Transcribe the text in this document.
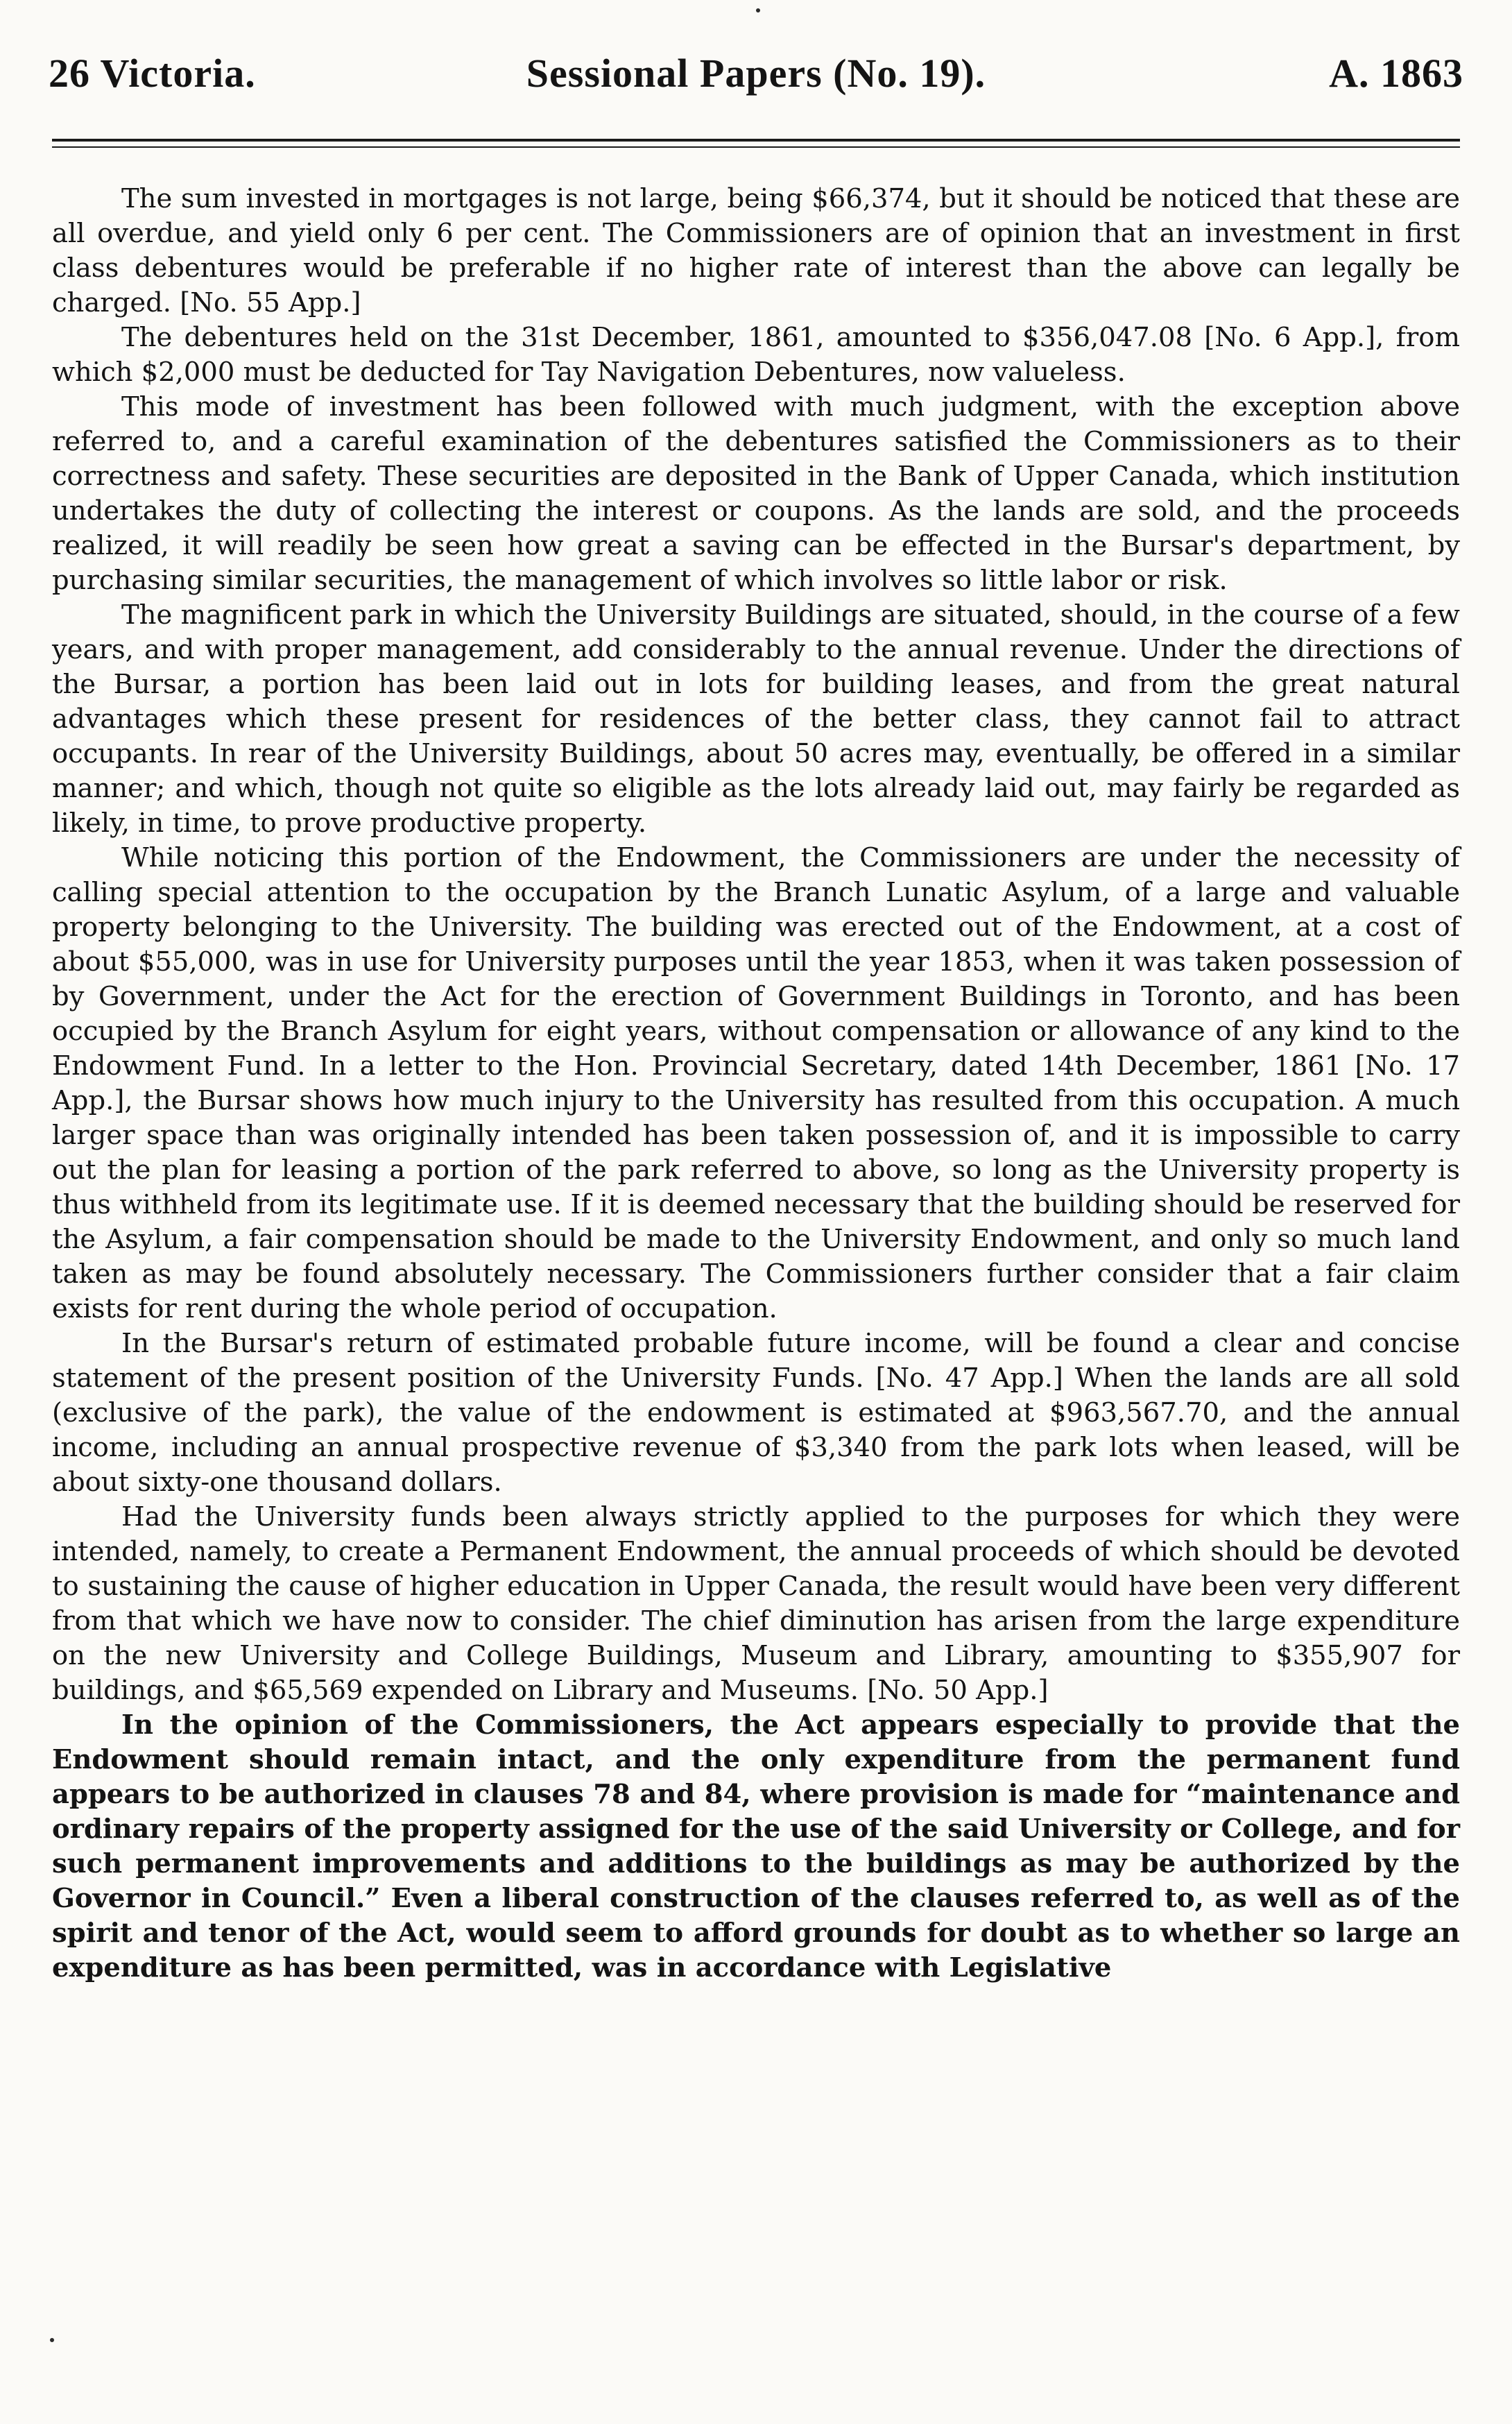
26 Victoria.	Sessional Papers (No. 19).	A. 1863

The sum invested in mortgages is not large, being $66,374, but it should be noticed that these are all overdue, and yield only 6 per cent. The Commissioners are of opinion that an investment in first class debentures would be preferable if no higher rate of interest than the above can legally be charged. [No. 55 App.]

The debentures held on the 31st December, 1861, amounted to $356,047.08 [No. 6 App.], from which $2,000 must be deducted for Tay Navigation Debentures, now valueless.

This mode of investment has been followed with much judgment, with the exception above referred to, and a careful examination of the debentures satisfied the Commissioners as to their correctness and safety. These securities are deposited in the Bank of Upper Canada, which institution undertakes the duty of collecting the interest or coupons. As the lands are sold, and the proceeds realized, it will readily be seen how great a saving can be effected in the Bursar's department, by purchasing similar securities, the management of which involves so little labor or risk.

The magnificent park in which the University Buildings are situated, should, in the course of a few years, and with proper management, add considerably to the annual revenue. Under the directions of the Bursar, a portion has been laid out in lots for building leases, and from the great natural advantages which these present for residences of the better class, they cannot fail to attract occupants. In rear of the University Buildings, about 50 acres may, eventually, be offered in a similar manner; and which, though not quite so eligible as the lots already laid out, may fairly be regarded as likely, in time, to prove productive property.

While noticing this portion of the Endowment, the Commissioners are under the necessity of calling special attention to the occupation by the Branch Lunatic Asylum, of a large and valuable property belonging to the University. The building was erected out of the Endowment, at a cost of about $55,000, was in use for University purposes until the year 1853, when it was taken possession of by Government, under the Act for the erection of Government Buildings in Toronto, and has been occupied by the Branch Asylum for eight years, without compensation or allowance of any kind to the Endowment Fund. In a letter to the Hon. Provincial Secretary, dated 14th December, 1861 [No. 17 App.], the Bursar shows how much injury to the University has resulted from this occupation. A much larger space than was originally intended has been taken possession of, and it is impossible to carry out the plan for leasing a portion of the park referred to above, so long as the University property is thus withheld from its legitimate use. If it is deemed necessary that the building should be reserved for the Asylum, a fair compensation should be made to the University Endowment, and only so much land taken as may be found absolutely necessary. The Commissioners further consider that a fair claim exists for rent during the whole period of occupation.

In the Bursar's return of estimated probable future income, will be found a clear and concise statement of the present position of the University Funds. [No. 47 App.] When the lands are all sold (exclusive of the park), the value of the endowment is estimated at $963,567.70, and the annual income, including an annual prospective revenue of $3,340 from the park lots when leased, will be about sixty-one thousand dollars.

Had the University funds been always strictly applied to the purposes for which they were intended, namely, to create a Permanent Endowment, the annual proceeds of which should be devoted to sustaining the cause of higher education in Upper Canada, the result would have been very different from that which we have now to consider. The chief diminution has arisen from the large expenditure on the new University and College Buildings, Museum and Library, amounting to $355,907 for buildings, and $65,569 expended on Library and Museums. [No. 50 App.]

In the opinion of the Commissioners, the Act appears especially to provide that the Endowment should remain intact, and the only expenditure from the permanent fund appears to be authorized in clauses 78 and 84, where provision is made for “maintenance and ordinary repairs of the property assigned for the use of the said University or College, and for such permanent improvements and additions to the buildings as may be authorized by the Governor in Council.” Even a liberal construction of the clauses referred to, as well as of the spirit and tenor of the Act, would seem to afford grounds for doubt as to whether so large an expenditure as has been permitted, was in accordance with Legislative
